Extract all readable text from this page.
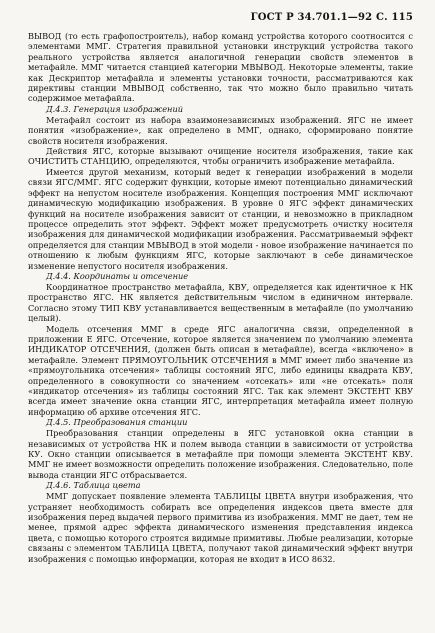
ГОСТ Р 34.701.1—92 С. 115

ВЫВОД (то есть графопостроитель), набор команд устройства которого соотносится с элементами ММГ. Стратегия правильной установки инструкций устройства такого реального устройства является аналогичной генерации свойств элементов в метафайле. ММГ читается станцией категории МВЫВОД. Некоторые элементы, такие как Дескриптор метафайла и элементы установки точности, рассматриваются как директивы станции МВЫВОД собственно, так что можно было правильно читать содержимое метафайла.

Д.4.3. Генерация изображений

Метафайл состоит из набора взаимонезависимых изображений. ЯГС не имеет понятия «изображение», как определено в ММГ, однако, сформировано понятие свойств носителя изображения.

Действия ЯГС, которые вызывают очищение носителя изображения, такие как ОЧИСТИТЬ СТАНЦИЮ, определяются, чтобы ограничить изображение метафайла.

Имеется другой механизм, который ведет к генерации изображений в модели связи ЯГС/ММГ. ЯГС содержит функции, которые имеют потенциально динамический эффект на непустом носителе изображения. Концепция построения ММГ исключают динамическую модификацию изображения. В уровне 0 ЯГС эффект динамических функций на носителе изображения зависит от станции, и невозможно в прикладном процессе определить этот эффект. Эффект может предусмотреть очистку носителя изображения для динамической модификации изображения. Рассматриваемый эффект определяется для станции МВЫВОД в этой модели - новое изображение начинается по отношению к любым функциям ЯГС, которые заключают в себе динамическое изменение непустого носителя изображения.

Д.4.4. Координаты и отсечение

Координатное пространство метафайла, КВУ, определяется как идентичное к НК пространство ЯГС. НК является действительным числом в единичном интервале. Согласно этому ТИП КВУ устанавливается вещественным в метафайле (по умолчанию целый).

Модель отсечения ММГ в среде ЯГС аналогична связи, определенной в приложении Е ЯГС. Отсечение, которое является значением по умолчанию элемента ИНДИКАТОР ОТСЕЧЕНИЯ, (должен быть описан в метафайле), всегда «включено» в метафайле. Элемент ПРЯМОУГОЛЬНИК ОТСЕЧЕНИЯ в ММГ имеет либо значение из «прямоугольника отсечения» таблицы состояний ЯГС, либо единицы квадрата КВУ, определенного в совокупности со значением «отсекать» или «не отсекать» поля «индикатор отсечения» из таблицы состояний ЯГС. Так как элемент ЭКСТЕНТ КВУ всегда имеет значение окна станции ЯГС, интерпретация метафайла имеет полную информацию об архиве отсечения ЯГС.

Д.4.5. Преобразования станции

Преобразования станции определены в ЯГС установкой окна станции в независимых от устройства НК и полем вывода станции в зависимости от устройства КУ. Окно станции описывается в метафайле при помощи элемента ЭКСТЕНТ КВУ. ММГ не имеет возможности определить положение изображения. Следовательно, поле вывода станции ЯГС отбрасывается.

Д.4.6. Таблица цвета

ММГ допускает появление элемента ТАБЛИЦЫ ЦВЕТА внутри изображения, что устраняет необходимость собирать все определения индексов цвета вместе для изображения перед выдачей первого примитива из изображения. ММГ не дает, тем не менее, прямой адрес эффекта динамического изменения представления индекса цвета, с помощью которого строятся видимые примитивы. Любые реализации, которые связаны с элементом ТАБЛИЦА ЦВЕТА, получают такой динамический эффект внутри изображения с помощью информации, которая не входит в ИСО 8632.
